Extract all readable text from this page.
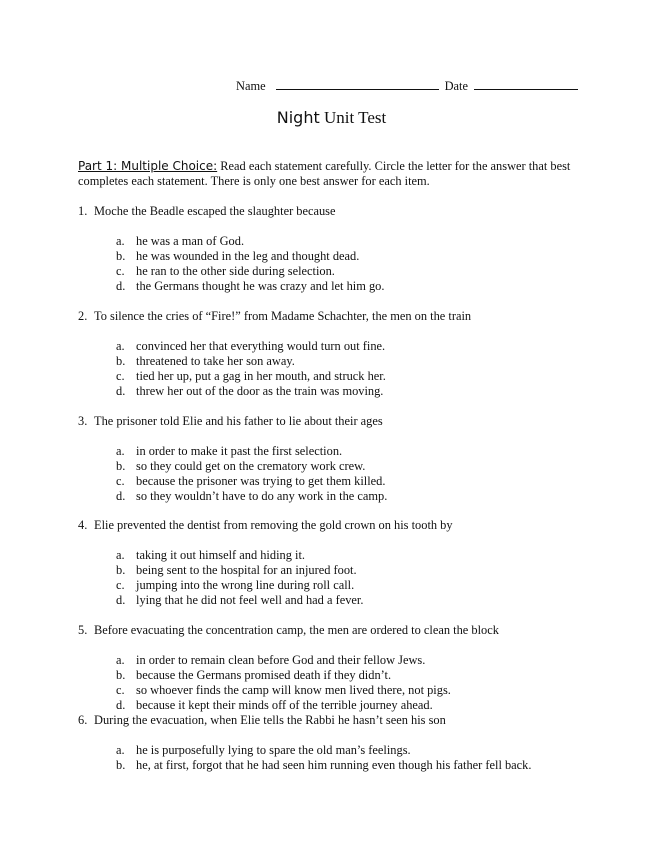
Name	Date
Night Unit Test
Part 1: Multiple Choice: Read each statement carefully. Circle the letter for the answer that best completes each statement. There is only one best answer for each item.
1. Moche the Beadle escaped the slaughter because
a. he was a man of God.
b. he was wounded in the leg and thought dead.
c. he ran to the other side during selection.
d. the Germans thought he was crazy and let him go.
2. To silence the cries of “Fire!” from Madame Schachter, the men on the train
a. convinced her that everything would turn out fine.
b. threatened to take her son away.
c. tied her up, put a gag in her mouth, and struck her.
d. threw her out of the door as the train was moving.
3. The prisoner told Elie and his father to lie about their ages
a. in order to make it past the first selection.
b. so they could get on the crematory work crew.
c. because the prisoner was trying to get them killed.
d. so they wouldn’t have to do any work in the camp.
4. Elie prevented the dentist from removing the gold crown on his tooth by
a. taking it out himself and hiding it.
b. being sent to the hospital for an injured foot.
c. jumping into the wrong line during roll call.
d. lying that he did not feel well and had a fever.
5. Before evacuating the concentration camp, the men are ordered to clean the block
a. in order to remain clean before God and their fellow Jews.
b. because the Germans promised death if they didn’t.
c. so whoever finds the camp will know men lived there, not pigs.
d. because it kept their minds off of the terrible journey ahead.
6. During the evacuation, when Elie tells the Rabbi he hasn’t seen his son
a. he is purposefully lying to spare the old man’s feelings.
b. he, at first, forgot that he had seen him running even though his father fell back.
